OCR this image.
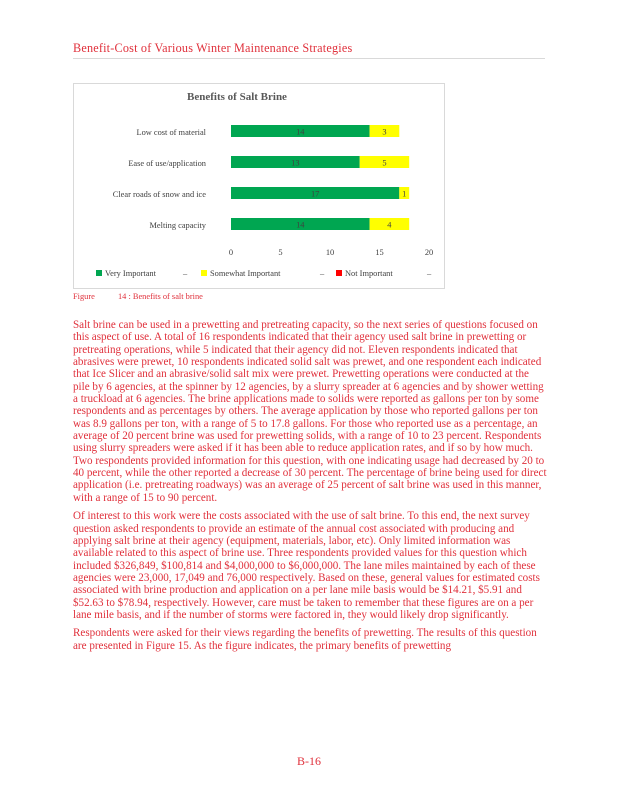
Benefit-Cost of Various Winter Maintenance Strategies
Benefits of Salt Brine
Low cost of material	14	3
Ease of use/application	13	5
Clear roads of snow and ice	17	1
Melting capacity	14	4
0	5	10	15	20
Very Important	–	Somewhat Important	– Not Important	–
Figure	14 : Benefits of salt brine

Salt brine can be used in a prewetting and pretreating capacity, so the next series of questions focused on this aspect of use. A total of 16 respondents indicated that their agency used salt brine in prewetting or pretreating operations, while 5 indicated that their agency did not. Eleven respondents indicated that abrasives were prewet, 10 respondents indicated solid salt was prewet, and one respondent each indicated that Ice Slicer and an abrasive/solid salt mix were prewet. Prewetting operations were conducted at the pile by 6 agencies, at the spinner by 12 agencies, by a slurry spreader at 6 agencies and by shower wetting a truckload at 6 agencies. The brine applications made to solids were reported as gallons per ton by some respondents and as percentages by others. The average application by those who reported gallons per ton was 8.9 gallons per ton, with a range of 5 to 17.8 gallons. For those who reported use as a percentage, an average of 20 percent brine was used for prewetting solids, with a range of 10 to 23 percent. Respondents using slurry spreaders were asked if it has been able to reduce application rates, and if so by how much. Two respondents provided information for this question, with one indicating usage had decreased by 20 to 40 percent, while the other reported a decrease of 30 percent. The percentage of brine being used for direct application (i.e. pretreating roadways) was an average of 25 percent of salt brine was used in this manner, with a range of 15 to 90 percent.

Of interest to this work were the costs associated with the use of salt brine. To this end, the next survey question asked respondents to provide an estimate of the annual cost associated with producing and applying salt brine at their agency (equipment, materials, labor, etc). Only limited information was available related to this aspect of brine use. Three respondents provided values for this question which included $326,849, $100,814 and $4,000,000 to $6,000,000. The lane miles maintained by each of these agencies were 23,000, 17,049 and 76,000 respectively. Based on these, general values for estimated costs associated with brine production and application on a per lane mile basis would be $14.21, $5.91 and $52.63 to $78.94, respectively. However, care must be taken to remember that these figures are on a per lane mile basis, and if the number of storms were factored in, they would likely drop significantly.

Respondents were asked for their views regarding the benefits of prewetting. The results of this question are presented in Figure 15. As the figure indicates, the primary benefits of prewetting

B-16
